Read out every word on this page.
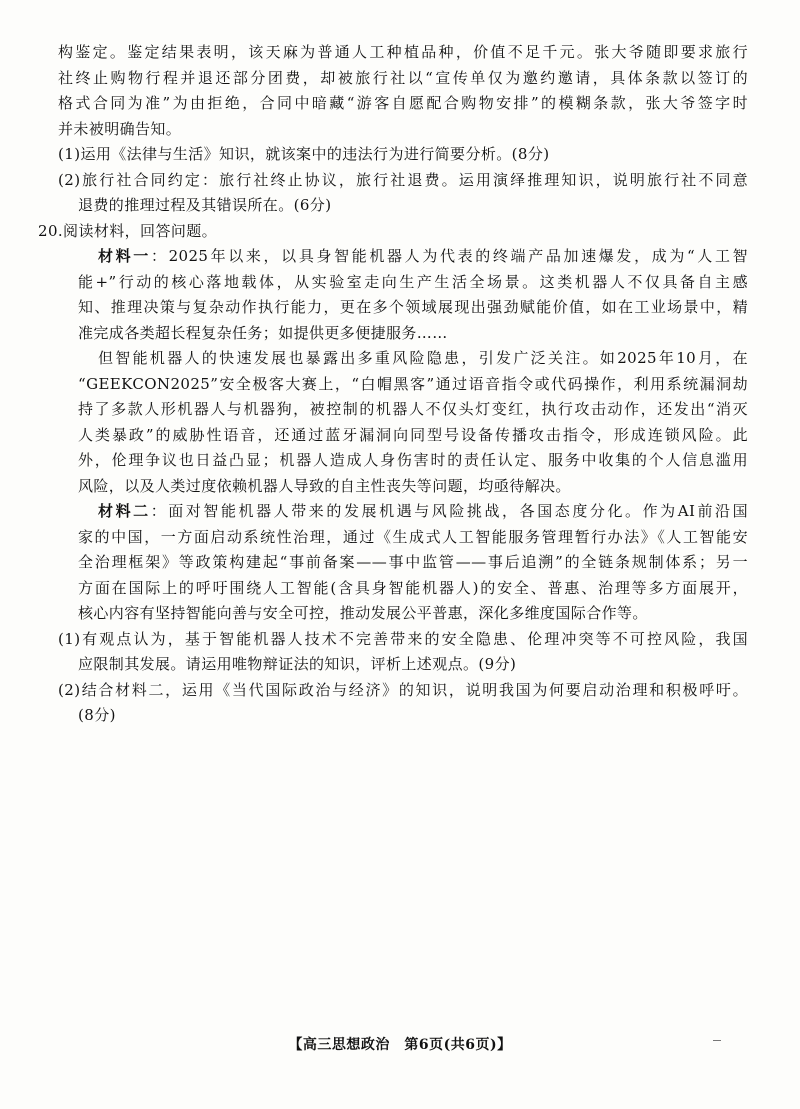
构鉴定。鉴定结果表明，该天麻为普通人工种植品种，价值不足千元。张大爷随即要求旅行
社终止购物行程并退还部分团费，却被旅行社以“宣传单仅为邀约邀请，具体条款以签订的
格式合同为准”为由拒绝，合同中暗藏“游客自愿配合购物安排”的模糊条款，张大爷签字时
并未被明确告知。
(1)运用《法律与生活》知识，就该案中的违法行为进行简要分析。(8分)
(2)旅行社合同约定：旅行社终止协议，旅行社退费。运用演绎推理知识，说明旅行社不同意
退费的推理过程及其错误所在。(6分)
20.阅读材料，回答问题。
材料一：2025年以来，以具身智能机器人为代表的终端产品加速爆发，成为“人工智
能+”行动的核心落地载体，从实验室走向生产生活全场景。这类机器人不仅具备自主感
知、推理决策与复杂动作执行能力，更在多个领域展现出强劲赋能价值，如在工业场景中，精
准完成各类超长程复杂任务；如提供更多便捷服务……
但智能机器人的快速发展也暴露出多重风险隐患，引发广泛关注。如2025年10月，在
“GEEKCON2025”安全极客大赛上，“白帽黑客”通过语音指令或代码操作，利用系统漏洞劫
持了多款人形机器人与机器狗，被控制的机器人不仅头灯变红，执行攻击动作，还发出“消灭
人类暴政”的威胁性语音，还通过蓝牙漏洞向同型号设备传播攻击指令，形成连锁风险。此
外，伦理争议也日益凸显；机器人造成人身伤害时的责任认定、服务中收集的个人信息滥用
风险，以及人类过度依赖机器人导致的自主性丧失等问题，均亟待解决。
材料二：面对智能机器人带来的发展机遇与风险挑战，各国态度分化。作为AI前沿国
家的中国，一方面启动系统性治理，通过《生成式人工智能服务管理暂行办法》《人工智能安
全治理框架》等政策构建起“事前备案——事中监管——事后追溯”的全链条规制体系；另一
方面在国际上的呼吁围绕人工智能(含具身智能机器人)的安全、普惠、治理等多方面展开，
核心内容有坚持智能向善与安全可控，推动发展公平普惠，深化多维度国际合作等。
(1)有观点认为，基于智能机器人技术不完善带来的安全隐患、伦理冲突等不可控风险，我国
应限制其发展。请运用唯物辩证法的知识，评析上述观点。(9分)
(2)结合材料二，运用《当代国际政治与经济》的知识，说明我国为何要启动治理和积极呼吁。
(8分)
【高三思想政治　第6页(共6页)】
